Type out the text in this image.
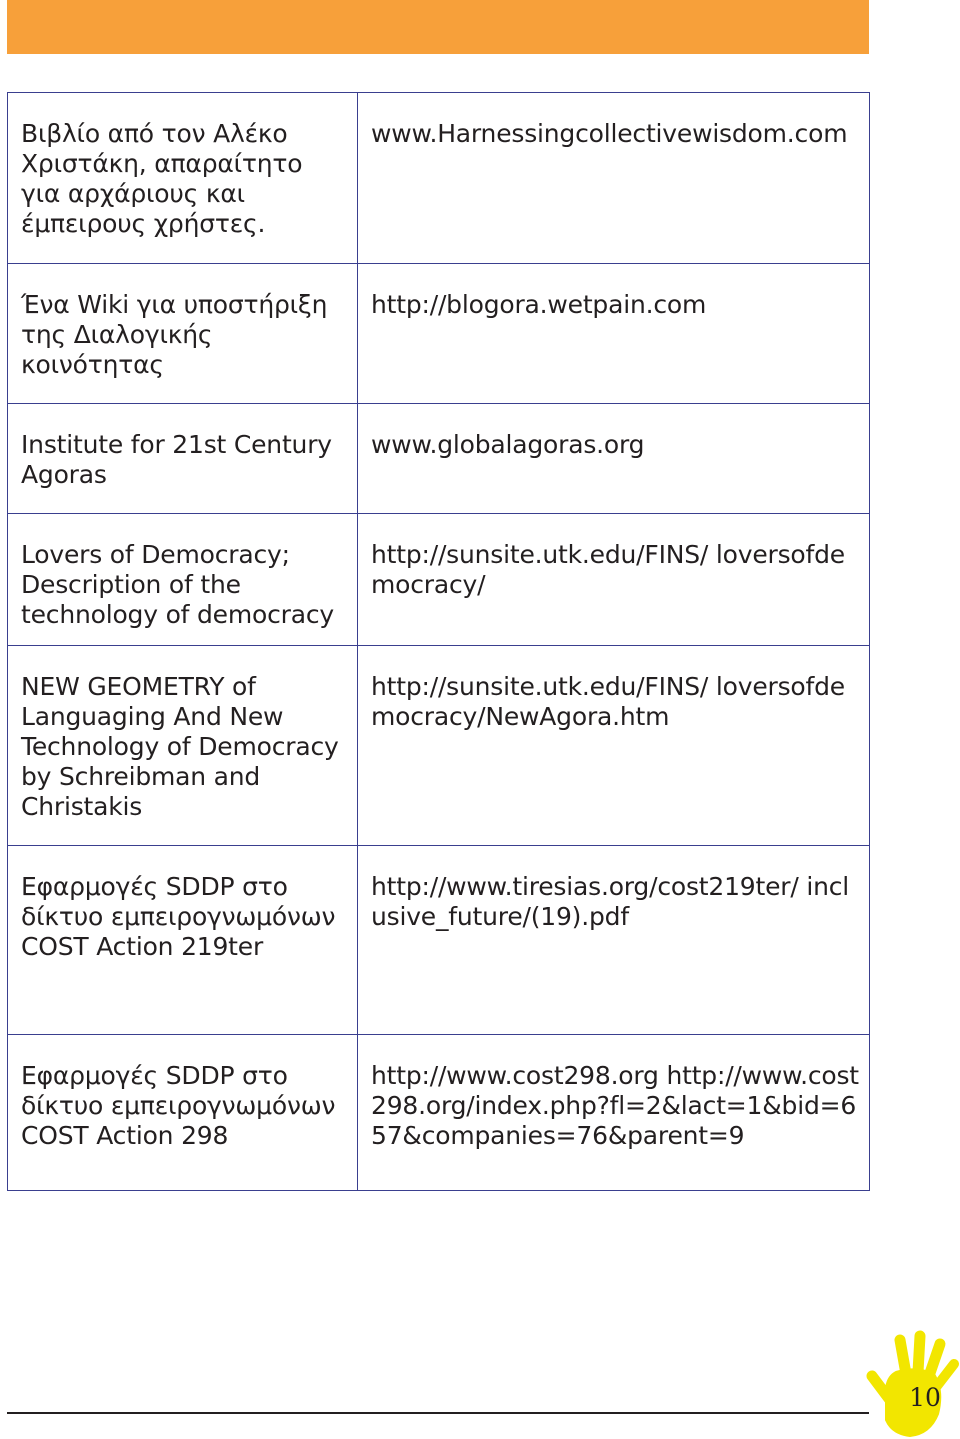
Βιβλίο από τον Αλέκο Χριστάκη, απαραίτητο για αρχάριους και έμπειρους χρήστες.	www.Harnessingcollectivewisdom.com
Ένα Wiki για υποστήριξη της Διαλογικής κοινότητας	http://blogora.wetpain.com
Institute for 21st Century Agoras	www.globalagoras.org
Lovers of Democracy; Description of the technology of democracy	http://sunsite.utk.edu/FINS/ loversofdemocracy/
NEW GEOMETRY of Languaging And New Technology of Democracy by Schreibman and Christakis	http://sunsite.utk.edu/FINS/ loversofdemocracy/NewAgora.htm
Εφαρμογές SDDP στο δίκτυο εμπειρογνωμόνων COST Action 219ter	http://www.tiresias.org/cost219ter/ inclusive_future/(19).pdf
Εφαρμογές SDDP στο δίκτυο εμπειρογνωμόνων COST Action 298	http://www.cost298.org http://www.cost298.org/index.php?fl=2&lact=1&bid=657&companies=76&parent=9
10
